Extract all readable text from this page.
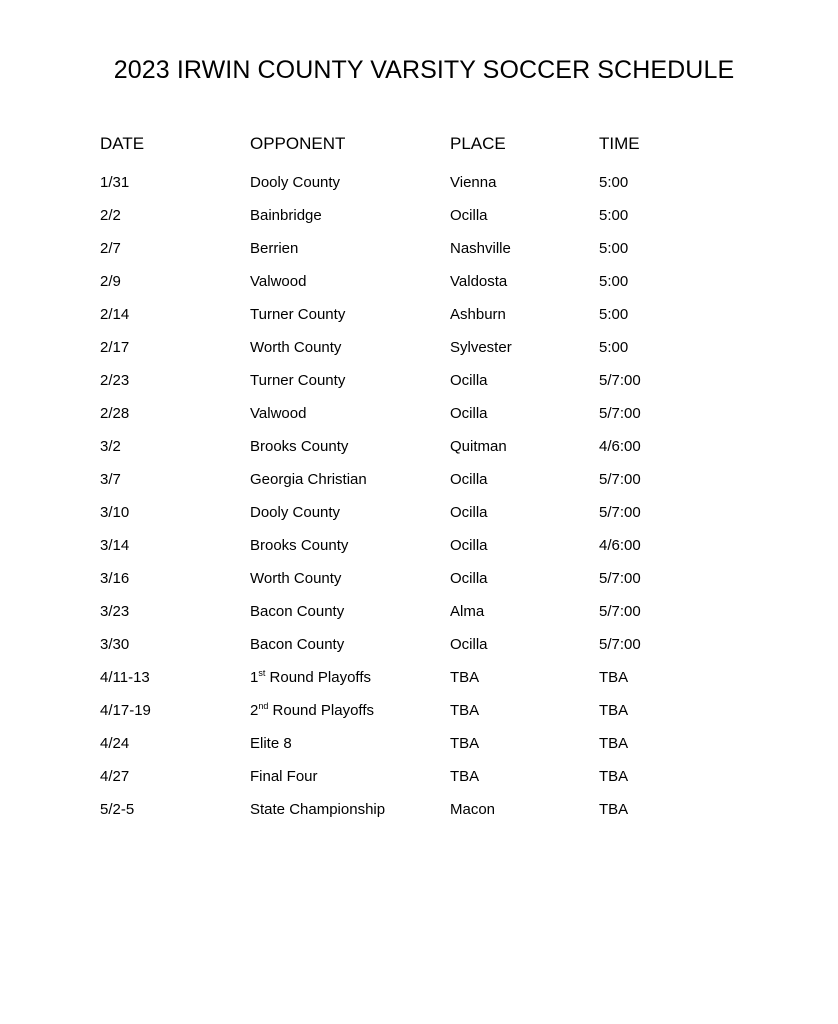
2023 IRWIN COUNTY VARSITY SOCCER SCHEDULE
DATE	OPPONENT	PLACE	TIME
1/31	Dooly County	Vienna	5:00
2/2	Bainbridge	Ocilla	5:00
2/7	Berrien	Nashville	5:00
2/9	Valwood	Valdosta	5:00
2/14	Turner County	Ashburn	5:00
2/17	Worth County	Sylvester	5:00
2/23	Turner County	Ocilla	5/7:00
2/28	Valwood	Ocilla	5/7:00
3/2	Brooks County	Quitman	4/6:00
3/7	Georgia Christian	Ocilla	5/7:00
3/10	Dooly County	Ocilla	5/7:00
3/14	Brooks County	Ocilla	4/6:00
3/16	Worth County	Ocilla	5/7:00
3/23	Bacon County	Alma	5/7:00
3/30	Bacon County	Ocilla	5/7:00
4/11-13	1st Round Playoffs	TBA	TBA
4/17-19	2nd Round Playoffs	TBA	TBA
4/24	Elite 8	TBA	TBA
4/27	Final Four	TBA	TBA
5/2-5	State Championship	Macon	TBA
